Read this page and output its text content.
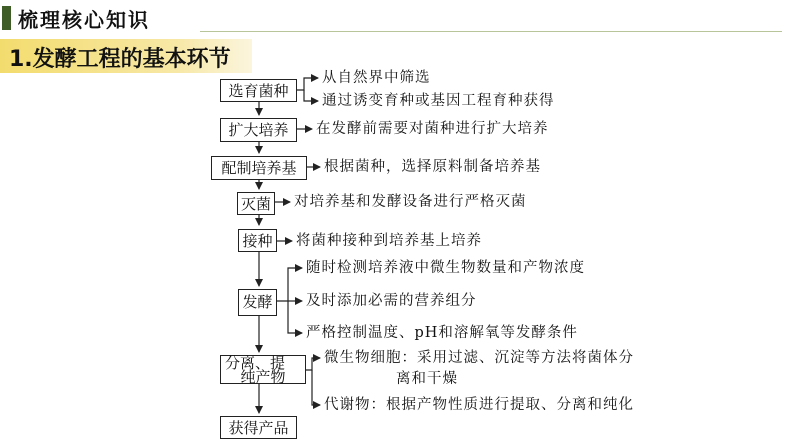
梳理核心知识
1.发酵工程的基本环节
选育菌种
扩大培养
配制培养基
灭菌
接种
发酵
分离、提
纯产物
获得产品
从自然界中筛选
通过诱变育种或基因工程育种获得
在发酵前需要对菌种进行扩大培养
根据菌种，选择原料制备培养基
对培养基和发酵设备进行严格灭菌
将菌种接种到培养基上培养
随时检测培养液中微生物数量和产物浓度
及时添加必需的营养组分
严格控制温度、pH和溶解氧等发酵条件
微生物细胞：采用过滤、沉淀等方法将菌体分
离和干燥
代谢物：根据产物性质进行提取、分离和纯化
